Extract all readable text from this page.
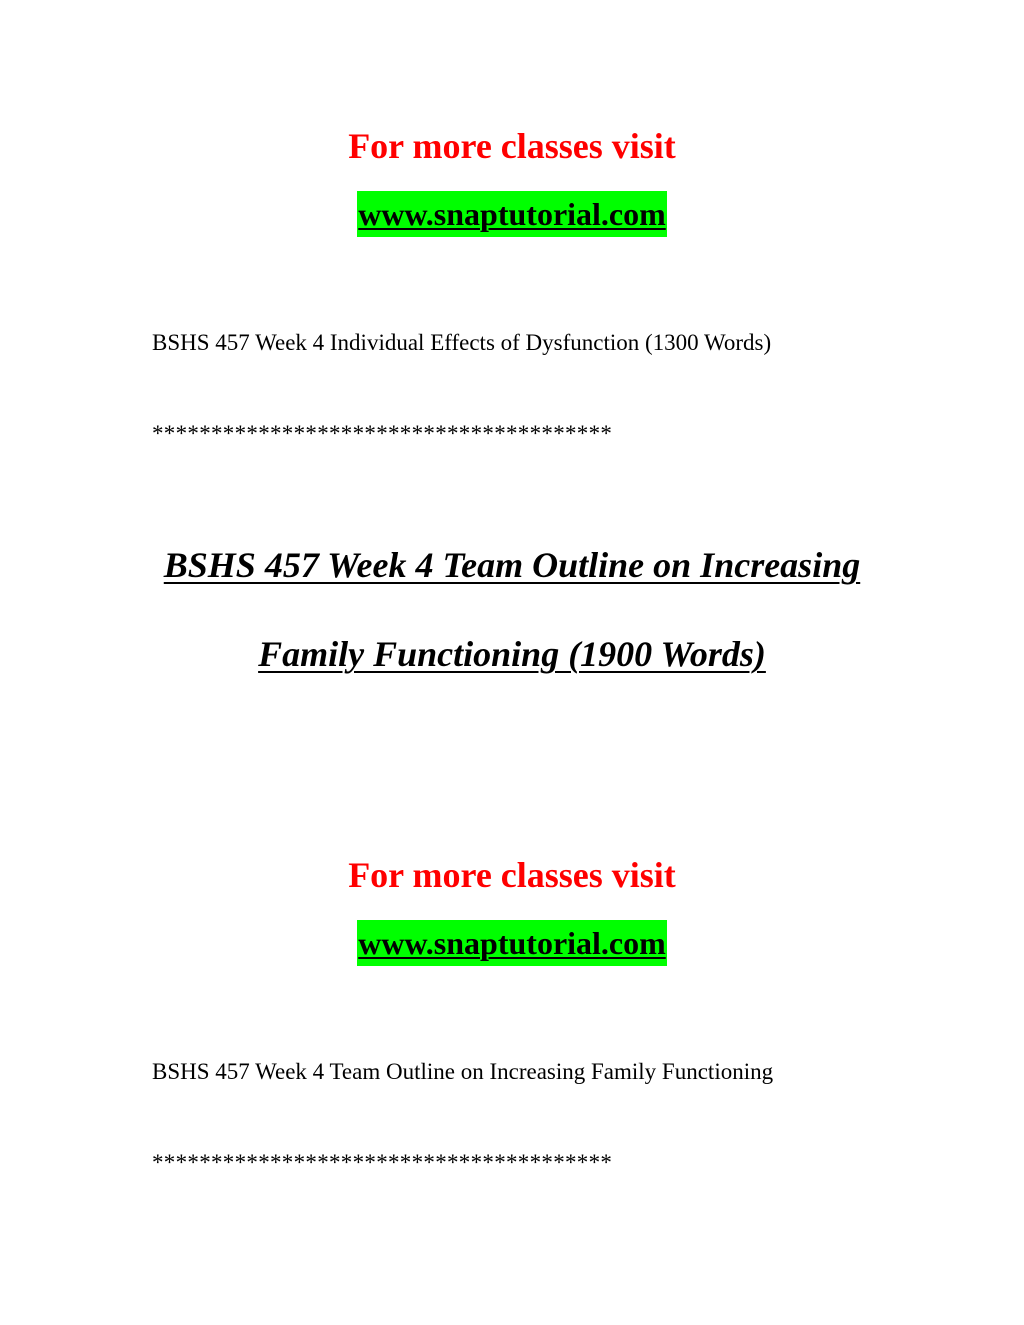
For more classes visit
www.snaptutorial.com
BSHS 457 Week 4 Individual Effects of Dysfunction (1300 Words)
***************************************
BSHS 457 Week 4 Team Outline on Increasing
Family Functioning (1900 Words)
For more classes visit
www.snaptutorial.com
BSHS 457 Week 4 Team Outline on Increasing Family Functioning
***************************************
